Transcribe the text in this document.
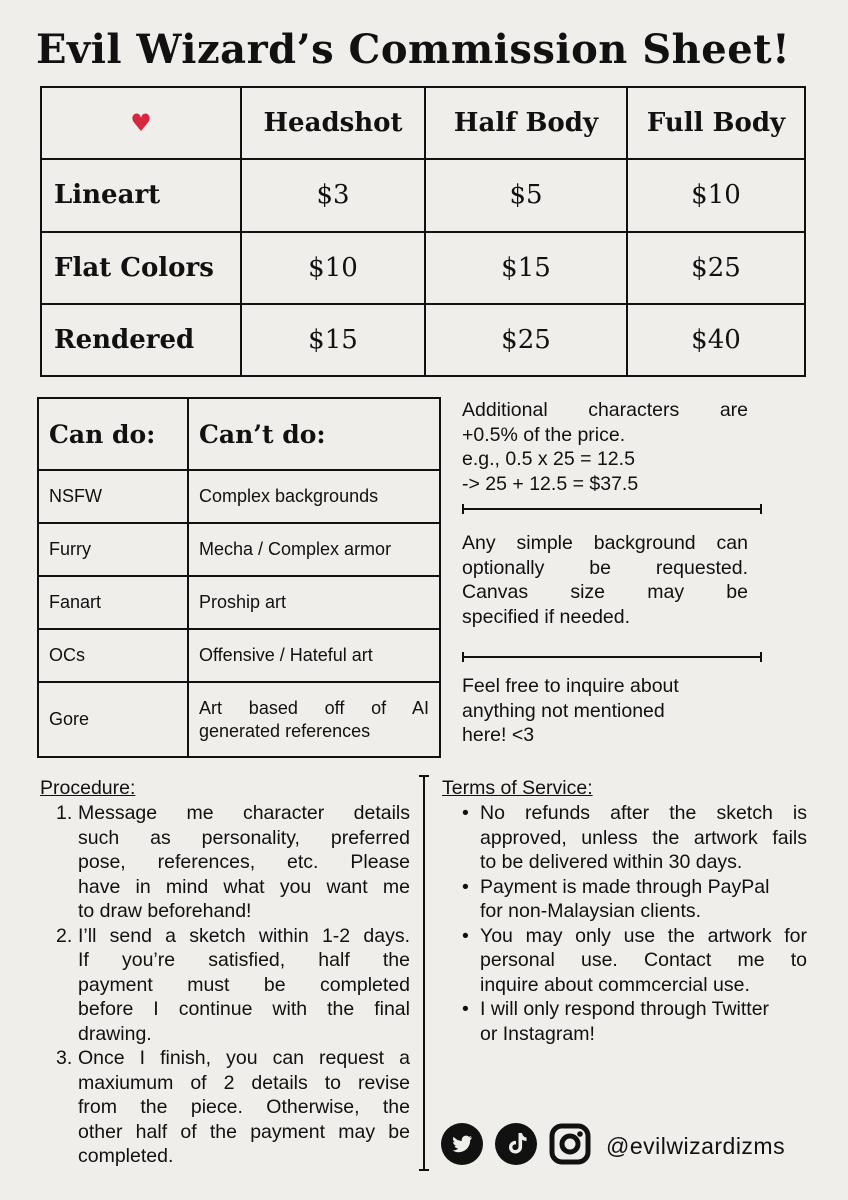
Evil Wizard’s Commission Sheet!
♥	Headshot	Half Body	Full Body
Lineart	$3	$5	$10
Flat Colors	$10	$15	$25
Rendered	$15	$25	$40
Can do:	Can’t do:
NSFW	Complex backgrounds
Furry	Mecha / Complex armor
Fanart	Proship art
OCs	Offensive / Hateful art
Gore	Art based off of AI
generated references
Additional characters are
+0.5% of the price.
e.g., 0.5 x 25 = 12.5
-> 25 + 12.5 = $37.5
Any simple background can
optionally be requested.
Canvas size may be
specified if needed.
Feel free to inquire about
anything not mentioned
here! <3
Procedure:
1. Message me character details
such as personality, preferred
pose, references, etc. Please
have in mind what you want me
to draw beforehand!
2. I’ll send a sketch within 1-2 days.
If you’re satisfied, half the
payment must be completed
before I continue with the final
drawing.
3. Once I finish, you can request a
maxiumum of 2 details to revise
from the piece. Otherwise, the
other half of the payment may be
completed.
Terms of Service:
• No refunds after the sketch is
approved, unless the artwork fails
to be delivered within 30 days.
• Payment is made through PayPal
for non-Malaysian clients.
• You may only use the artwork for
personal use. Contact me to
inquire about commcercial use.
• I will only respond through Twitter
or Instagram!
@evilwizardizms
